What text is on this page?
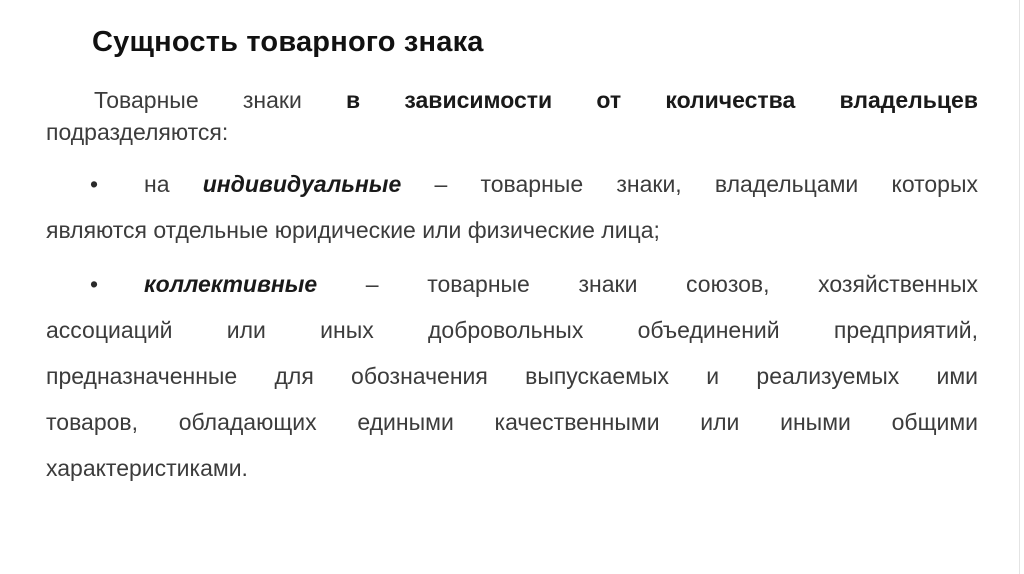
Сущность товарного знака

Товарные знаки в зависимости от количества владельцев
подразделяются:

• на индивидуальные – товарные знаки, владельцами которых
являются отдельные юридические или физические лица;

• коллективные – товарные знаки союзов, хозяйственных
ассоциаций или иных добровольных объединений предприятий,
предназначенные для обозначения выпускаемых и реализуемых ими
товаров, обладающих едиными качественными или иными общими
характеристиками.
